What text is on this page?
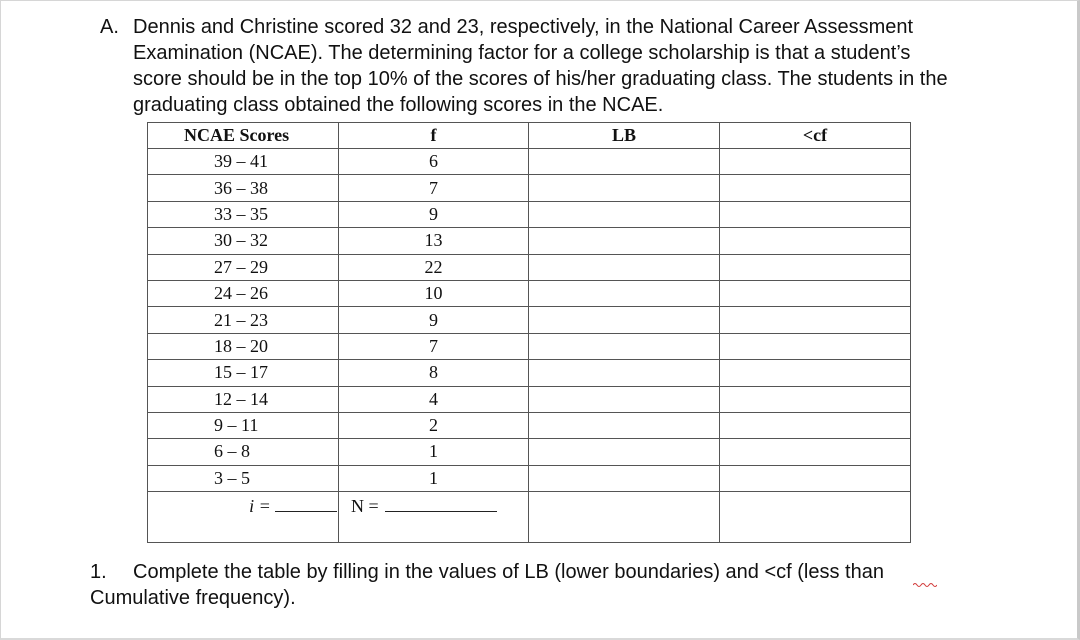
A. Dennis and Christine scored 32 and 23, respectively, in the National Career Assessment
Examination (NCAE). The determining factor for a college scholarship is that a student’s
score should be in the top 10% of the scores of his/her graduating class. The students in the
graduating class obtained the following scores in the NCAE.
NCAE Scores	f	LB	<cf
39 – 41	6		
36 – 38	7		
33 – 35	9		
30 – 32	13		
27 – 29	22		
24 – 26	10		
21 – 23	9		
18 – 20	7		
15 – 17	8		
12 – 14	4		
9 – 11	2		
6 – 8	1		
3 – 5	1		
i =	N =		

1. Complete the table by filling in the values of LB (lower boundaries) and <cf (less than
Cumulative frequency).
